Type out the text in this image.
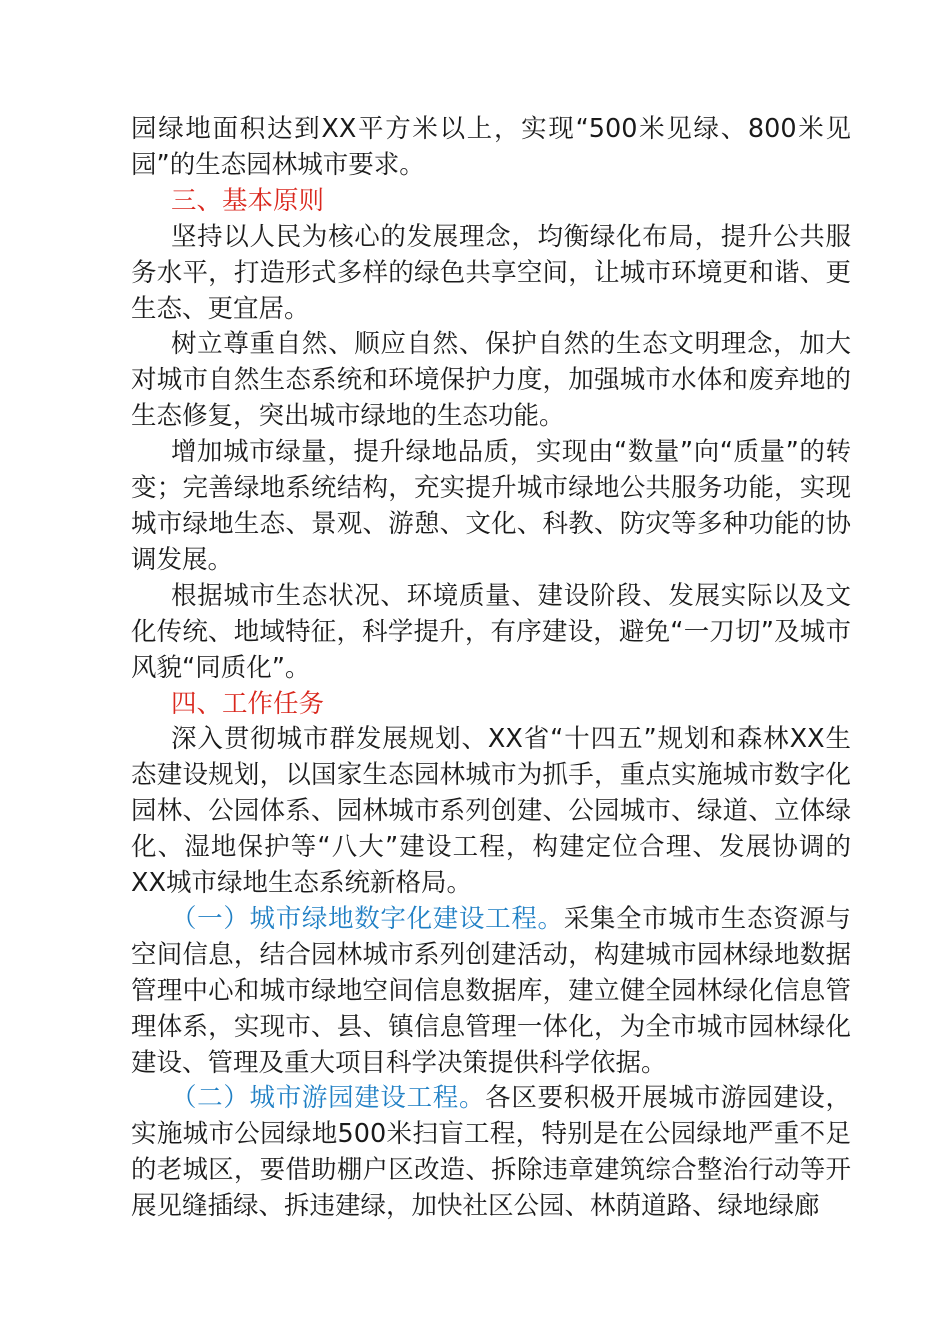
园绿地面积达到XX平方米以上，实现“500米见绿、800米见园”的生态园林城市要求。

三、基本原则

坚持以人民为核心的发展理念，均衡绿化布局，提升公共服务水平，打造形式多样的绿色共享空间，让城市环境更和谐、更生态、更宜居。

树立尊重自然、顺应自然、保护自然的生态文明理念，加大对城市自然生态系统和环境保护力度，加强城市水体和废弃地的生态修复，突出城市绿地的生态功能。

增加城市绿量，提升绿地品质，实现由“数量”向“质量”的转变；完善绿地系统结构，充实提升城市绿地公共服务功能，实现城市绿地生态、景观、游憩、文化、科教、防灾等多种功能的协调发展。

根据城市生态状况、环境质量、建设阶段、发展实际以及文化传统、地域特征，科学提升，有序建设，避免“一刀切”及城市风貌“同质化”。

四、工作任务

深入贯彻城市群发展规划、XX省“十四五”规划和森林XX生态建设规划，以国家生态园林城市为抓手，重点实施城市数字化园林、公园体系、园林城市系列创建、公园城市、绿道、立体绿化、湿地保护等“八大”建设工程，构建定位合理、发展协调的XX城市绿地生态系统新格局。

（一）城市绿地数字化建设工程。采集全市城市生态资源与空间信息，结合园林城市系列创建活动，构建城市园林绿地数据管理中心和城市绿地空间信息数据库，建立健全园林绿化信息管理体系，实现市、县、镇信息管理一体化，为全市城市园林绿化建设、管理及重大项目科学决策提供科学依据。

（二）城市游园建设工程。各区要积极开展城市游园建设，实施城市公园绿地500米扫盲工程，特别是在公园绿地严重不足的老城区，要借助棚户区改造、拆除违章建筑综合整治行动等开展见缝插绿、拆违建绿，加快社区公园、林荫道路、绿地绿廊
